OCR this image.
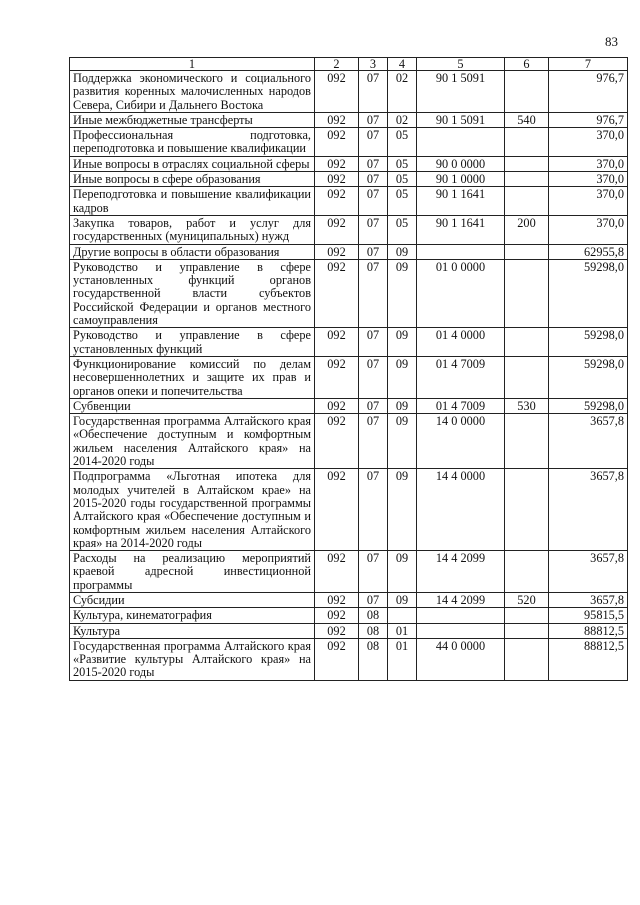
83
1	2	3	4	5	6	7
Поддержка экономического и социального развития коренных малочисленных народов Севера, Сибири и Дальнего Востока	092	07	02	90 1 5091		976,7
Иные межбюджетные трансферты	092	07	02	90 1 5091	540	976,7
Профессиональная подготовка, переподготовка и повышение квалификации	092	07	05			370,0
Иные вопросы в отраслях социальной сферы	092	07	05	90 0 0000		370,0
Иные вопросы в сфере образования	092	07	05	90 1 0000		370,0
Переподготовка и повышение квалификации кадров	092	07	05	90 1 1641		370,0
Закупка товаров, работ и услуг для государственных (муниципальных) нужд	092	07	05	90 1 1641	200	370,0
Другие вопросы в области образования	092	07	09			62955,8
Руководство и управление в сфере установленных функций органов государственной власти субъектов Российской Федерации и органов местного самоуправления	092	07	09	01 0 0000		59298,0
Руководство и управление в сфере установленных функций	092	07	09	01 4 0000		59298,0
Функционирование комиссий по делам несовершеннолетних и защите их прав и органов опеки и попечительства	092	07	09	01 4 7009		59298,0
Субвенции	092	07	09	01 4 7009	530	59298,0
Государственная программа Алтайского края «Обеспечение доступным и комфортным жильем населения Алтайского края» на 2014-2020 годы	092	07	09	14 0 0000		3657,8
Подпрограмма «Льготная ипотека для молодых учителей в Алтайском крае» на 2015-2020 годы государственной программы Алтайского края «Обеспечение доступным и комфортным жильем населения Алтайского края» на 2014-2020 годы	092	07	09	14 4 0000		3657,8
Расходы на реализацию мероприятий краевой адресной инвестиционной программы	092	07	09	14 4 2099		3657,8
Субсидии	092	07	09	14 4 2099	520	3657,8
Культура, кинематография	092	08				95815,5
Культура	092	08	01			88812,5
Государственная программа Алтайского края «Развитие культуры Алтайского края» на 2015-2020 годы	092	08	01	44 0 0000		88812,5
